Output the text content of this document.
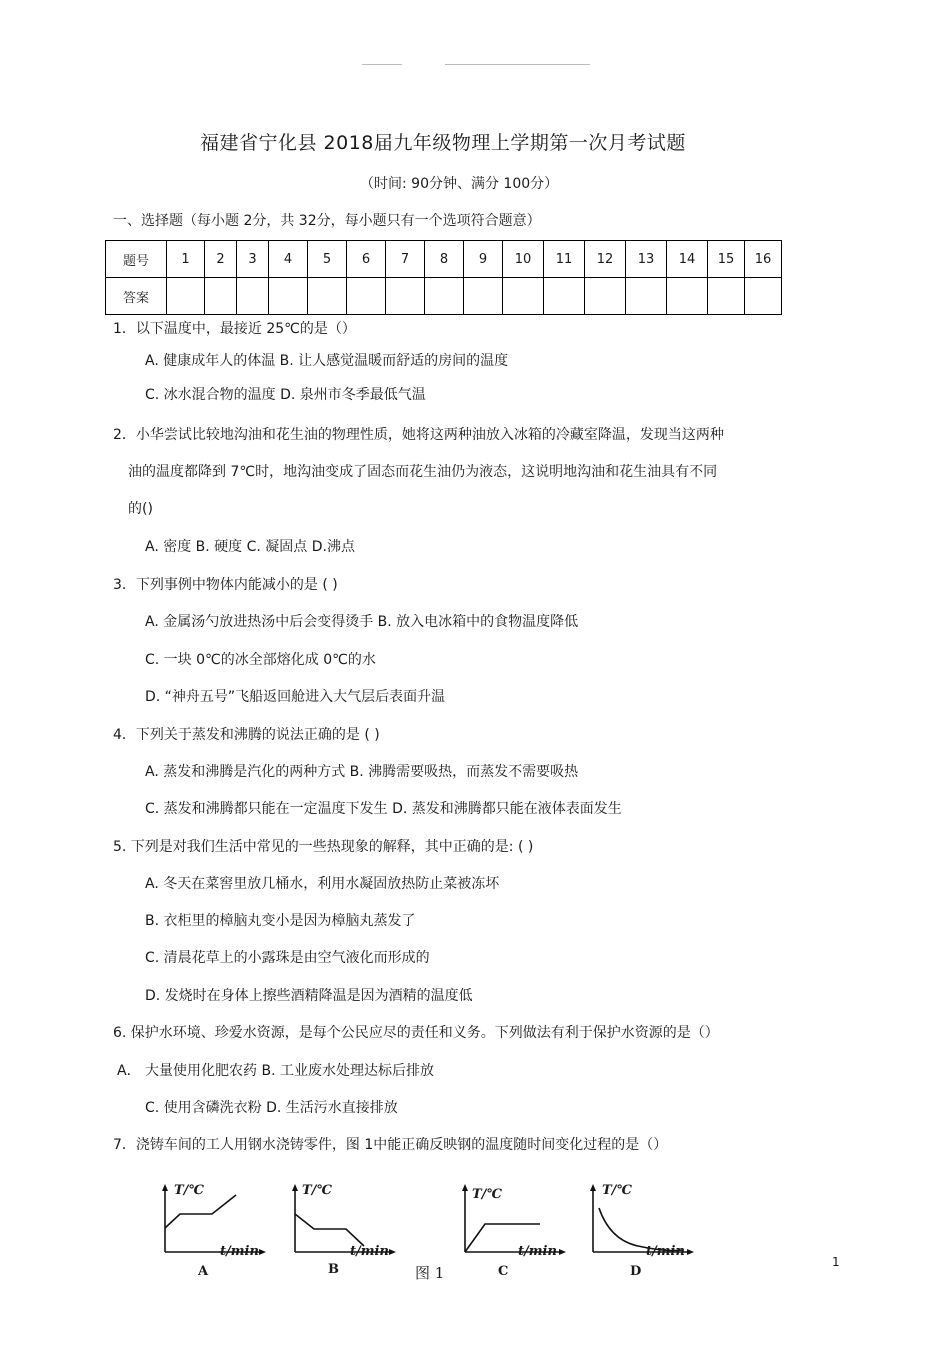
福建省宁化县 2018届九年级物理上学期第一次月考试题
（时间: 90分钟、满分 100分）
一、选择题（每小题 2分，共 32分，每小题只有一个选项符合题意）
题号	1	2	3	4	5	6	7	8	9	10	11	12	13	14	15	16
答案																
1．以下温度中，最接近 25℃的是（）
A. 健康成年人的体温 B. 让人感觉温暖而舒适的房间的温度
C. 冰水混合物的温度 D. 泉州市冬季最低气温
2．小华尝试比较地沟油和花生油的物理性质，她将这两种油放入冰箱的冷藏室降温，发现当这两种
油的温度都降到 7℃时，地沟油变成了固态而花生油仍为液态，这说明地沟油和花生油具有不同
的()
A. 密度 B. 硬度 C. 凝固点 D.沸点
3．下列事例中物体内能减小的是 ( )
A. 金属汤勺放进热汤中后会变得烫手 B. 放入电冰箱中的食物温度降低
C. 一块 0℃的冰全部熔化成 0℃的水
D. “神舟五号”飞船返回舱进入大气层后表面升温
4．下列关于蒸发和沸腾的说法正确的是 ( )
A. 蒸发和沸腾是汽化的两种方式 B. 沸腾需要吸热，而蒸发不需要吸热
C. 蒸发和沸腾都只能在一定温度下发生 D. 蒸发和沸腾都只能在液体表面发生
5. 下列是对我们生活中常见的一些热现象的解释，其中正确的是: ( )
A. 冬天在菜窖里放几桶水，利用水凝固放热防止菜被冻坏
B. 衣柜里的樟脑丸变小是因为樟脑丸蒸发了
C. 清晨花草上的小露珠是由空气液化而形成的
D. 发烧时在身体上擦些酒精降温是因为酒精的温度低
6. 保护水环境、珍爱水资源，是每个公民应尽的责任和义务。下列做法有利于保护水资源的是（）
A． 大量使用化肥农药 B. 工业废水处理达标后排放
C. 使用含磷洗衣粉 D. 生活污水直接排放
7．浇铸车间的工人用钢水浇铸零件，图 1中能正确反映钢的温度随时间变化过程的是（）
T/℃
t/min
A
T/℃
t/min
B	图 1
T/℃
t/min
C
T/℃
t/min
D
1
